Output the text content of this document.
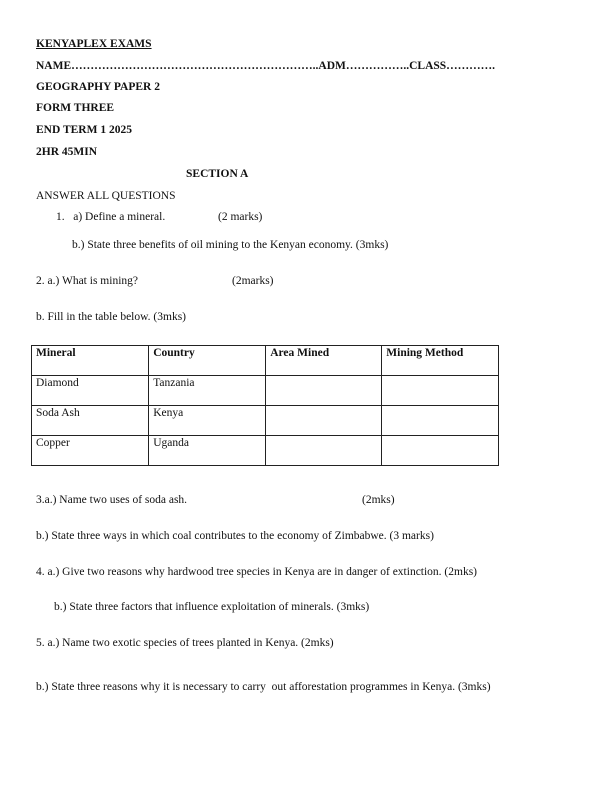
KENYAPLEX EXAMS
NAME………………………………………………………..ADM……………..CLASS………….
GEOGRAPHY PAPER 2
FORM THREE
END TERM 1 2025
2HR 45MIN
SECTION A
ANSWER ALL QUESTIONS
1.   a) Define a mineral.	(2 marks)
b.) State three benefits of oil mining to the Kenyan economy. (3mks)
2. a.) What is mining?	(2marks)
b. Fill in the table below. (3mks)
Mineral	Country	Area Mined	Mining Method
Diamond	Tanzania		
Soda Ash	Kenya		
Copper	Uganda		
3.a.) Name two uses of soda ash.	(2mks)
b.) State three ways in which coal contributes to the economy of Zimbabwe. (3 marks)
4. a.) Give two reasons why hardwood tree species in Kenya are in danger of extinction. (2mks)
b.) State three factors that influence exploitation of minerals. (3mks)
5. a.) Name two exotic species of trees planted in Kenya. (2mks)
b.) State three reasons why it is necessary to carry  out afforestation programmes in Kenya. (3mks)
